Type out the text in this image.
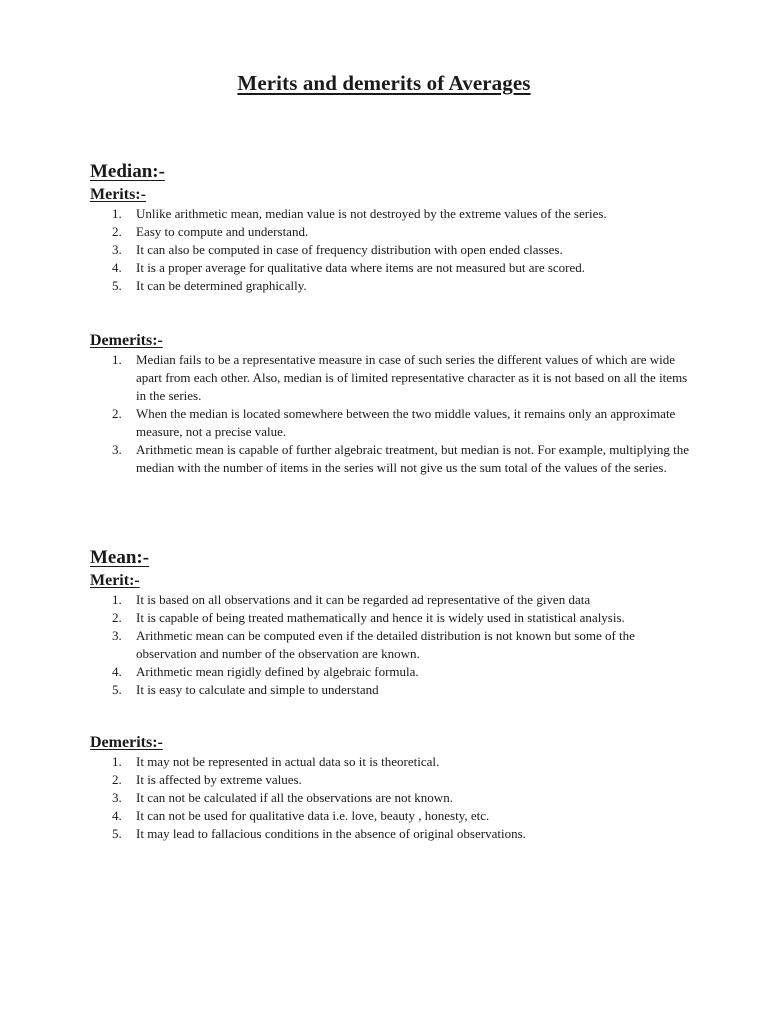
Merits and demerits of Averages
Median:-
Merits:-
1. Unlike arithmetic mean, median value is not destroyed by the extreme values of the series.
2. Easy to compute and understand.
3. It can also be computed in case of frequency distribution with open ended classes.
4. It is a proper average for qualitative data where items are not measured but are scored.
5. It can be determined graphically.
Demerits:-
1. Median fails to be a representative measure in case of such series the different values of which are wide apart from each other. Also, median is of limited representative character as it is not based on all the items in the series.
2. When the median is located somewhere between the two middle values, it remains only an approximate measure, not a precise value.
3. Arithmetic mean is capable of further algebraic treatment, but median is not. For example, multiplying the median with the number of items in the series will not give us the sum total of the values of the series.
Mean:-
Merit:-
1. It is based on all observations and it can be regarded ad representative of the given data
2. It is capable of being treated mathematically and hence it is widely used in statistical analysis.
3. Arithmetic mean can be computed even if the detailed distribution is not known but some of the observation and number of the observation are known.
4. Arithmetic mean rigidly defined by algebraic formula.
5. It is easy to calculate and simple to understand
Demerits:-
1. It may not be represented in actual data so it is theoretical.
2. It is affected by extreme values.
3. It can not be calculated if all the observations are not known.
4. It can not be used for qualitative data i.e. love, beauty , honesty, etc.
5. It may lead to fallacious conditions in the absence of original observations.
